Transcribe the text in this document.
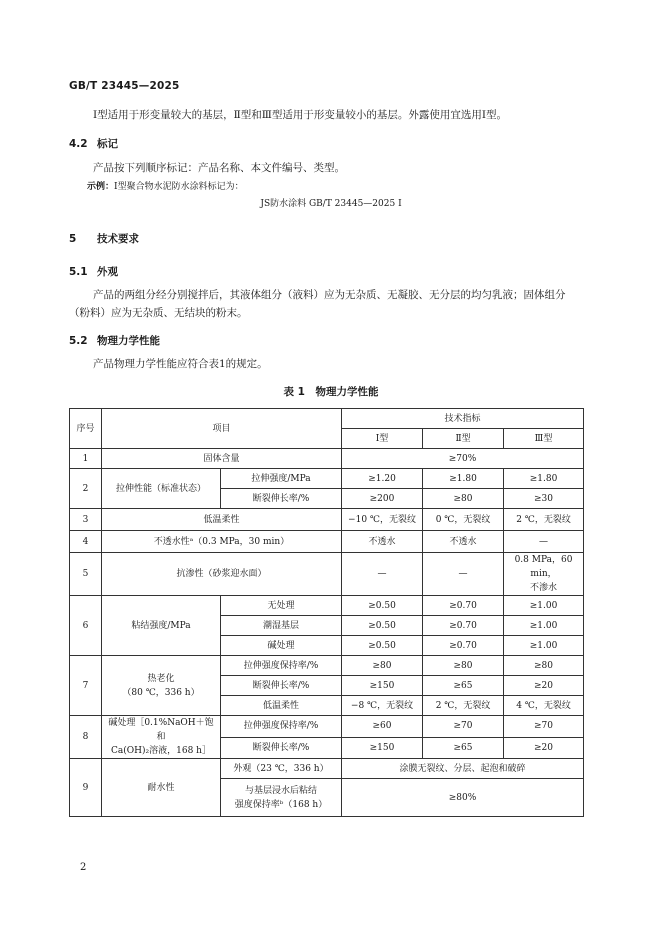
GB/T 23445—2025
Ⅰ型适用于形变量较大的基层，Ⅱ型和Ⅲ型适用于形变量较小的基层。外露使用宜选用Ⅰ型。
4.2 标记
产品按下列顺序标记：产品名称、本文件编号、类型。
示例：Ⅰ型聚合物水泥防水涂料标记为：
JS防水涂料 GB/T 23445—2025 Ⅰ
5 技术要求
5.1 外观
产品的两组分经分别搅拌后，其液体组分（液料）应为无杂质、无凝胶、无分层的均匀乳液；固体组分
（粉料）应为无杂质、无结块的粉末。
5.2 物理力学性能
产品物理力学性能应符合表1的规定。
表 1　物理力学性能
序号	项目		技术指标		
			Ⅰ型	Ⅱ型	Ⅲ型
1	固体含量		≥70%		
2	拉伸性能（标准状态）	拉伸强度/MPa	≥1.20	≥1.80	≥1.80
		断裂伸长率/%	≥200	≥80	≥30
3	低温柔性		−10 ℃，无裂纹	0 ℃，无裂纹	2 ℃，无裂纹
4	不透水性ᵃ（0.3 MPa，30 min）		不透水	不透水	—
5	抗渗性（砂浆迎水面）		—	—	0.8 MPa，60 min，
不渗水

6	粘结强度/MPa	无处理	≥0.50	≥0.70	≥1.00
		潮湿基层	≥0.50	≥0.70	≥1.00
		碱处理	≥0.50	≥0.70	≥1.00
7	热老化
（80 ℃，336 h）	拉伸强度保持率/%	≥80	≥80	≥80
		断裂伸长率/%	≥150	≥65	≥20
		低温柔性	−8 ℃，无裂纹	2 ℃，无裂纹	4 ℃，无裂纹
8	碱处理［0.1%NaOH＋饱和
Ca(OH)₂溶液，168 h］	拉伸强度保持率/%	≥60	≥70	≥70
		断裂伸长率/%	≥150	≥65	≥20
9	耐水性	外观（23 ℃，336 h）	涂膜无裂纹、分层、起泡和破碎		

		与基层浸水后粘结
强度保持率ᵇ（168 h）	≥80%		
2
